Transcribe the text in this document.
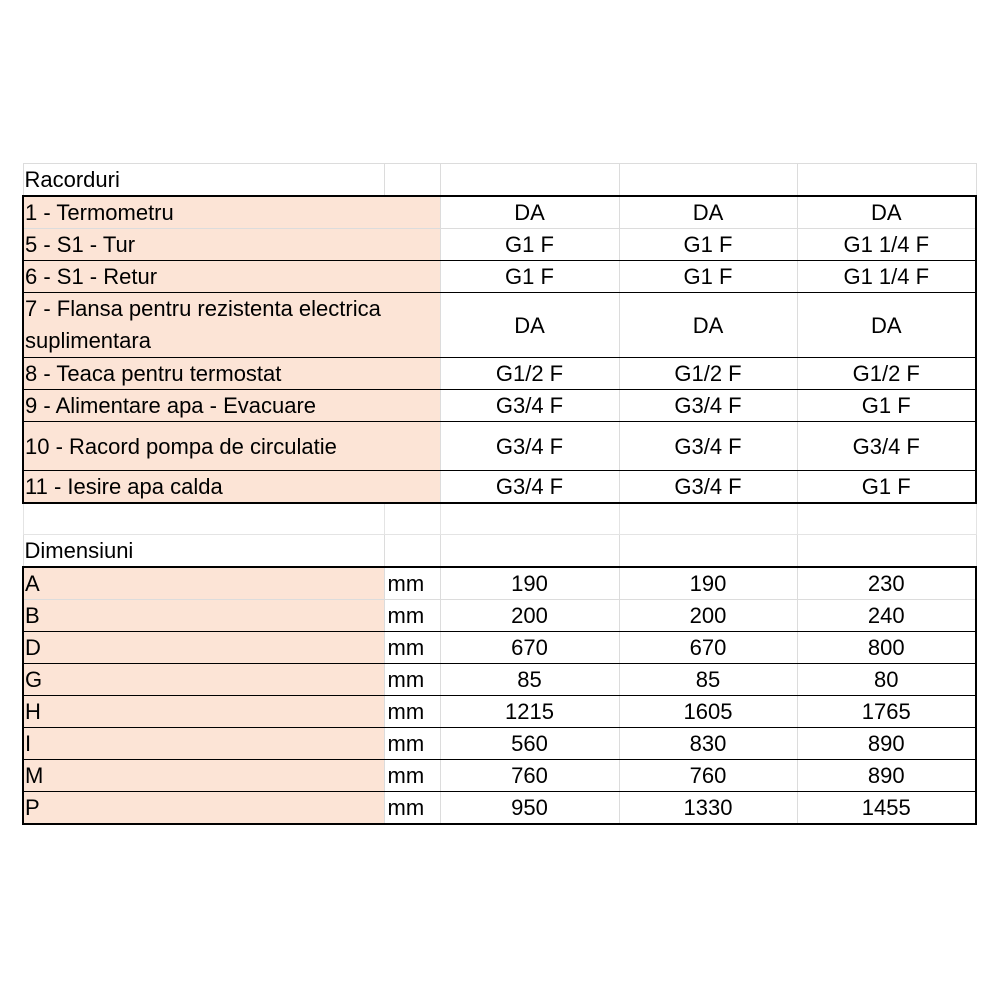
Racorduri				
1 - Termometru		DA	DA	DA
5 - S1 - Tur		G1 F	G1 F	G1 1/4 F
6 - S1 - Retur		G1 F	G1 F	G1 1/4 F
7 - Flansa pentru rezistenta electrica suplimentara		DA	DA	DA
8 - Teaca pentru termostat		G1/2 F	G1/2 F	G1/2 F
9 - Alimentare apa - Evacuare		G3/4 F	G3/4 F	G1 F
10 - Racord pompa de circulatie		G3/4 F	G3/4 F	G3/4 F
11 - Iesire apa calda		G3/4 F	G3/4 F	G1 F

Dimensiuni				
A	mm	190	190	230
B	mm	200	200	240
D	mm	670	670	800
G	mm	85	85	80
H	mm	1215	1605	1765
I	mm	560	830	890
M	mm	760	760	890
P	mm	950	1330	1455
